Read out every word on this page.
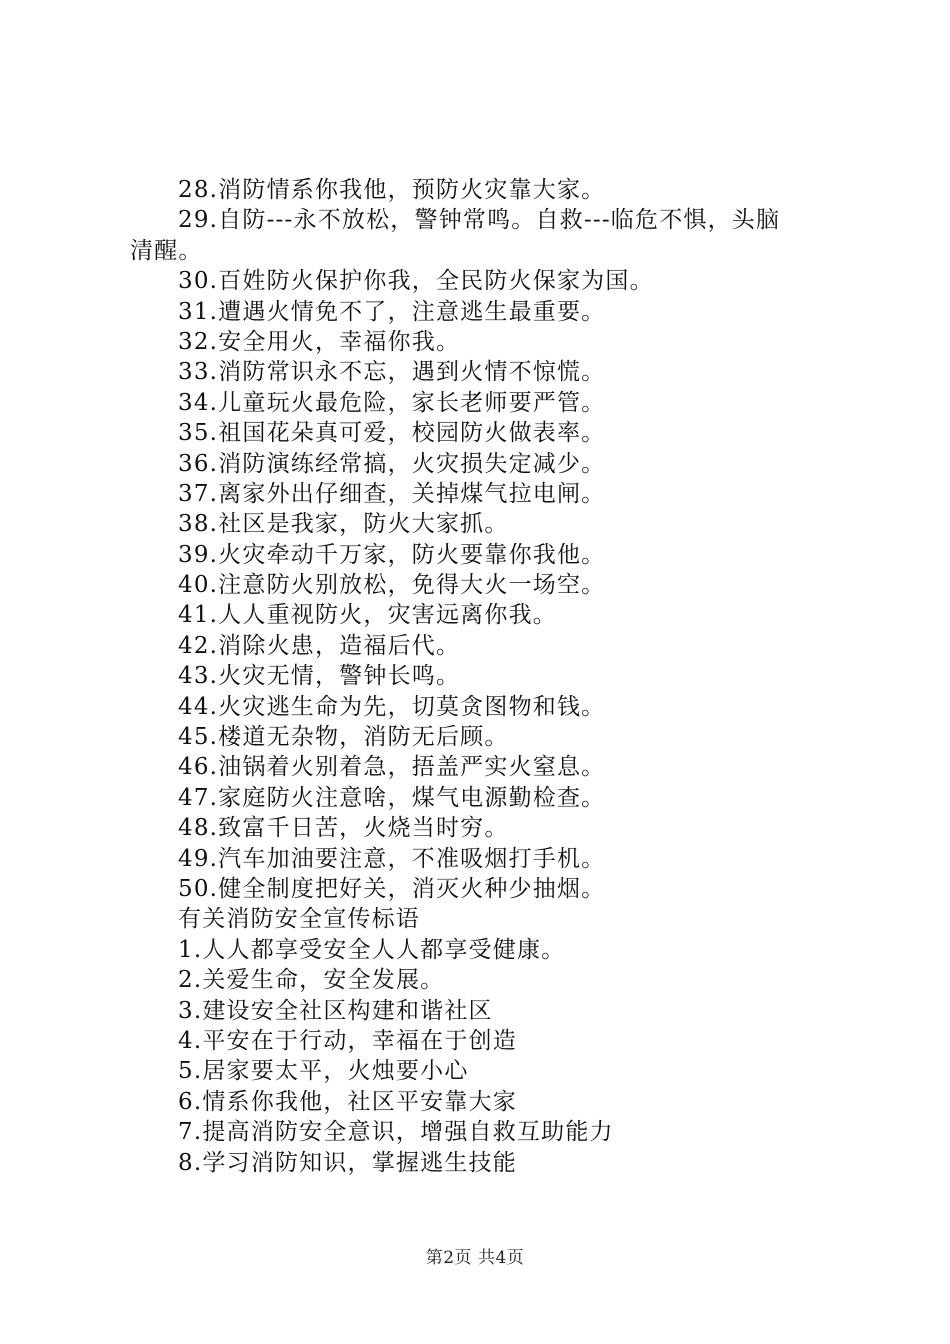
28.消防情系你我他，预防火灾靠大家。
29.自防---永不放松，警钟常鸣。自救---临危不惧，头脑
清醒。
30.百姓防火保护你我，全民防火保家为国。
31.遭遇火情免不了，注意逃生最重要。
32.安全用火，幸福你我。
33.消防常识永不忘，遇到火情不惊慌。
34.儿童玩火最危险，家长老师要严管。
35.祖国花朵真可爱，校园防火做表率。
36.消防演练经常搞，火灾损失定减少。
37.离家外出仔细查，关掉煤气拉电闸。
38.社区是我家，防火大家抓。
39.火灾牵动千万家，防火要靠你我他。
40.注意防火别放松，免得大火一场空。
41.人人重视防火，灾害远离你我。
42.消除火患，造福后代。
43.火灾无情，警钟长鸣。
44.火灾逃生命为先，切莫贪图物和钱。
45.楼道无杂物，消防无后顾。
46.油锅着火别着急，捂盖严实火窒息。
47.家庭防火注意啥，煤气电源勤检查。
48.致富千日苦，火烧当时穷。
49.汽车加油要注意，不准吸烟打手机。
50.健全制度把好关，消灭火种少抽烟。
有关消防安全宣传标语
1.人人都享受安全人人都享受健康。
2.关爱生命，安全发展。
3.建设安全社区构建和谐社区
4.平安在于行动，幸福在于创造
5.居家要太平，火烛要小心
6.情系你我他，社区平安靠大家
7.提高消防安全意识，增强自救互助能力
8.学习消防知识，掌握逃生技能
第2页 共4页
